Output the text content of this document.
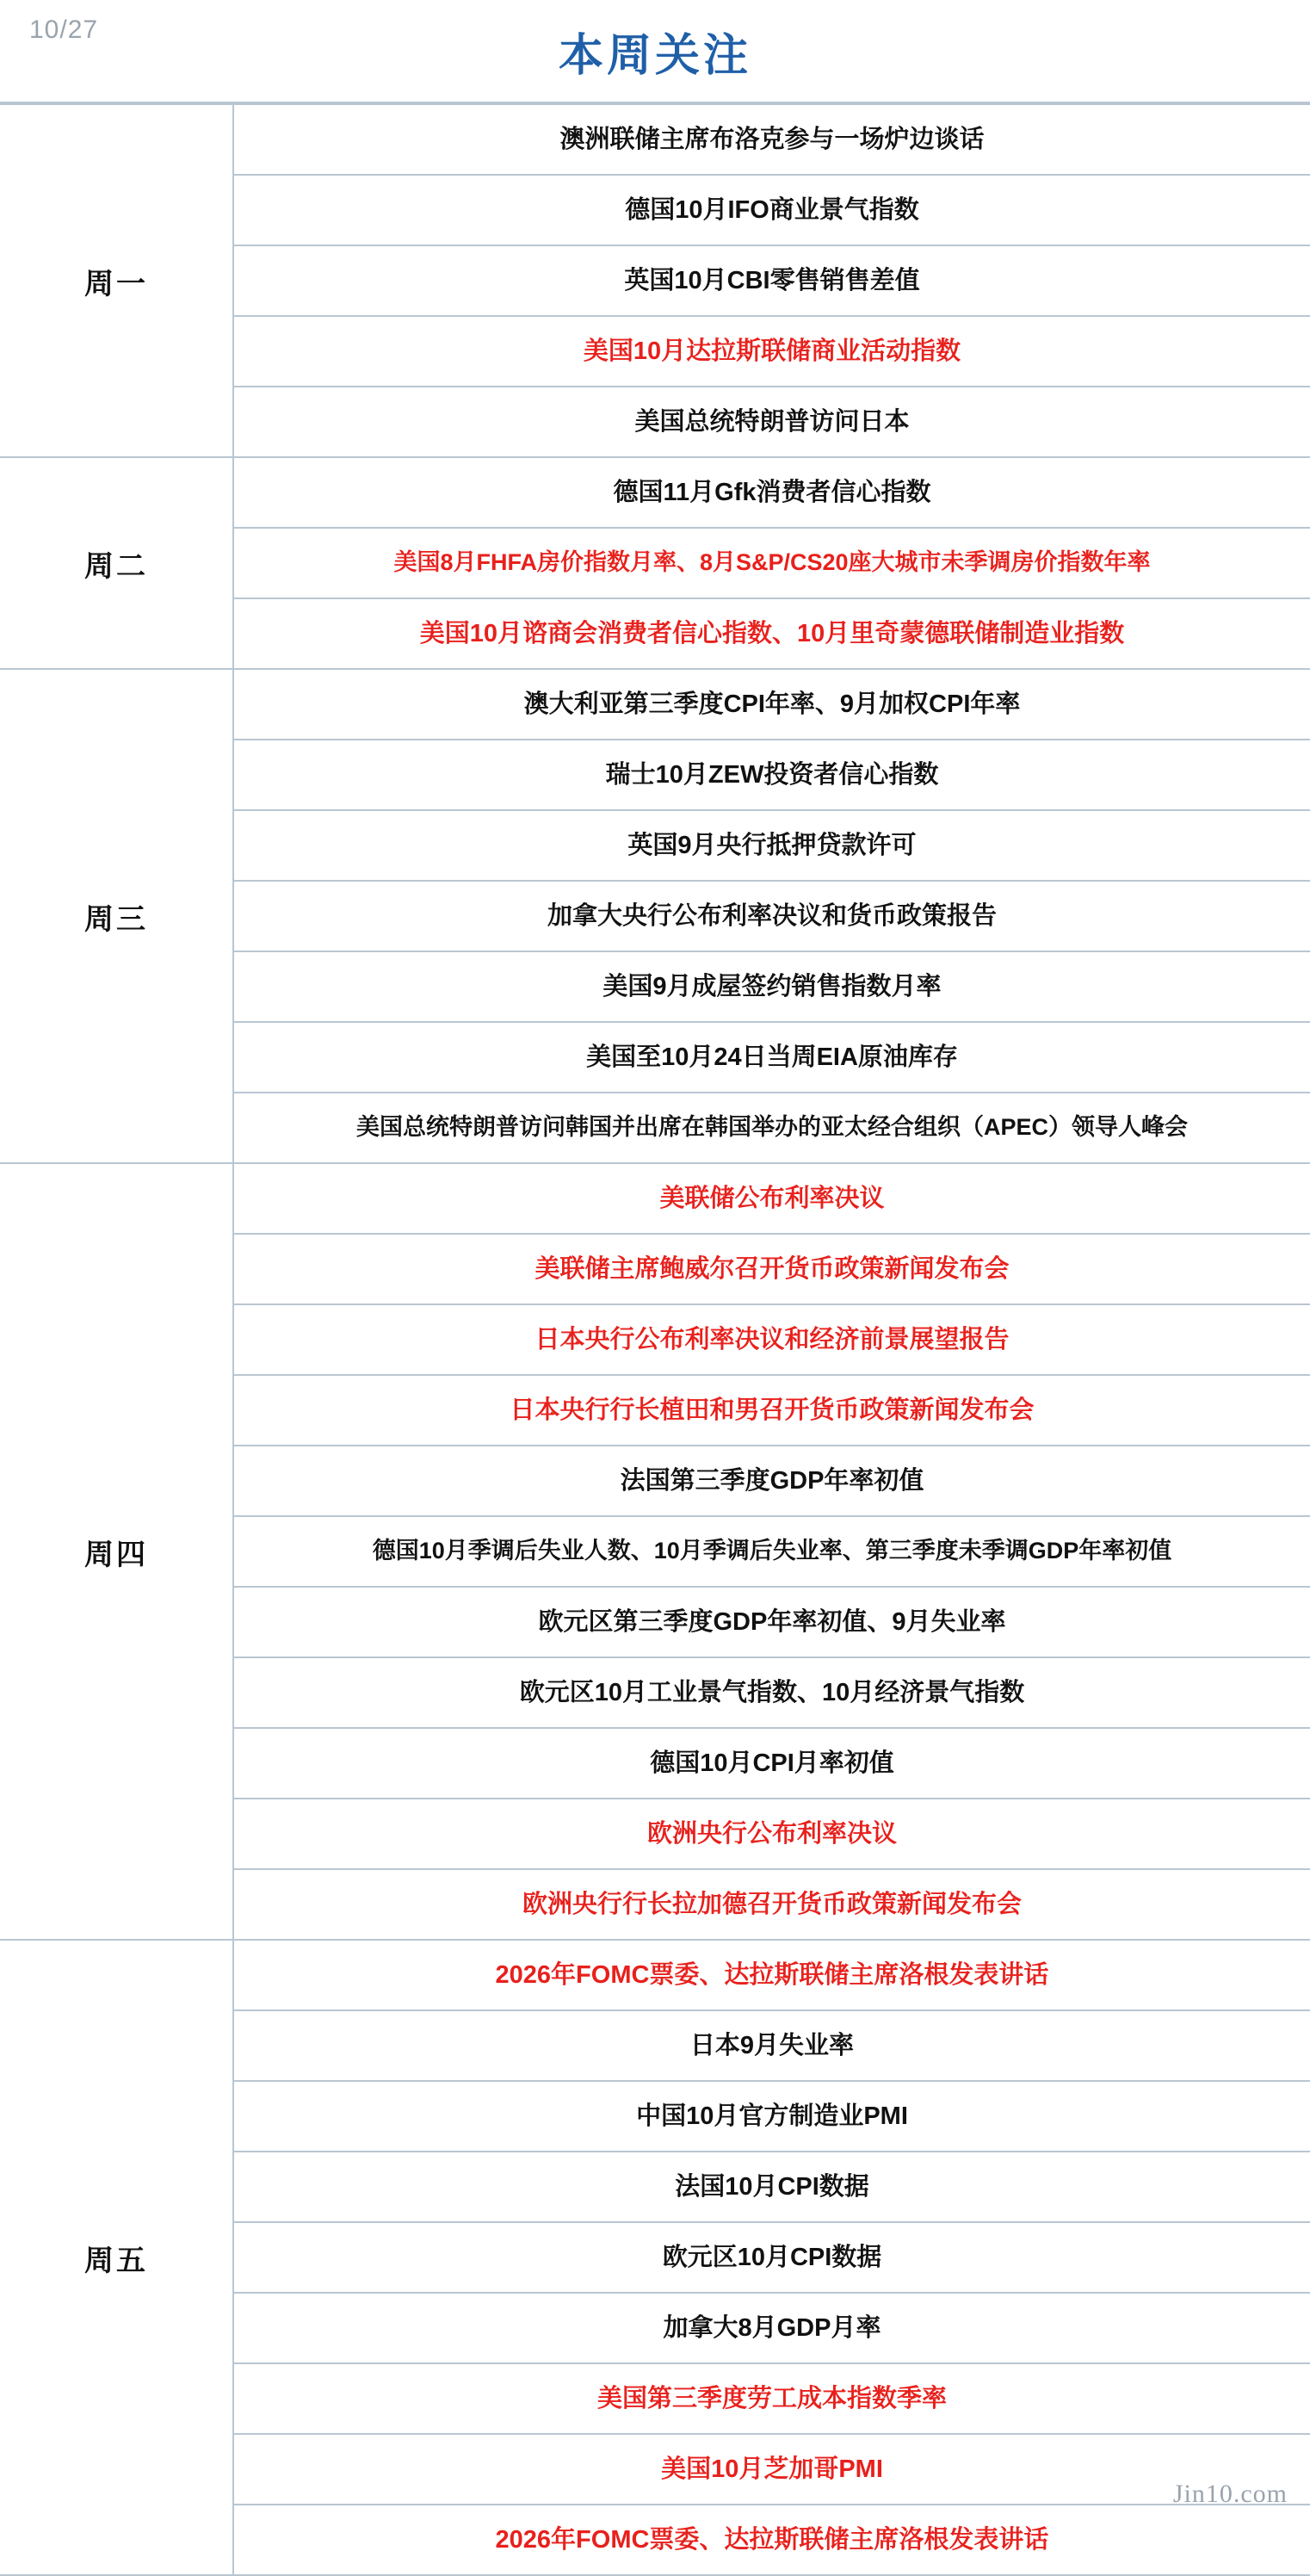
10/27
本周关注
周一	澳洲联储主席布洛克参与一场炉边谈话
	德国10月IFO商业景气指数
	英国10月CBI零售销售差值
	美国10月达拉斯联储商业活动指数
	美国总统特朗普访问日本
周二	德国11月Gfk消费者信心指数
	美国8月FHFA房价指数月率、8月S&P/CS20座大城市未季调房价指数年率
	美国10月谘商会消费者信心指数、10月里奇蒙德联储制造业指数
周三	澳大利亚第三季度CPI年率、9月加权CPI年率
	瑞士10月ZEW投资者信心指数
	英国9月央行抵押贷款许可
	加拿大央行公布利率决议和货币政策报告
	美国9月成屋签约销售指数月率
	美国至10月24日当周EIA原油库存
	美国总统特朗普访问韩国并出席在韩国举办的亚太经合组织（APEC）领导人峰会
周四	美联储公布利率决议
	美联储主席鲍威尔召开货币政策新闻发布会
	日本央行公布利率决议和经济前景展望报告
	日本央行行长植田和男召开货币政策新闻发布会
	法国第三季度GDP年率初值
	德国10月季调后失业人数、10月季调后失业率、第三季度未季调GDP年率初值
	欧元区第三季度GDP年率初值、9月失业率
	欧元区10月工业景气指数、10月经济景气指数
	德国10月CPI月率初值
	欧洲央行公布利率决议
	欧洲央行行长拉加德召开货币政策新闻发布会
周五	2026年FOMC票委、达拉斯联储主席洛根发表讲话
	日本9月失业率
	中国10月官方制造业PMI
	法国10月CPI数据
	欧元区10月CPI数据
	加拿大8月GDP月率
	美国第三季度劳工成本指数季率
	美国10月芝加哥PMI
	2026年FOMC票委、达拉斯联储主席洛根发表讲话
Jin10.com
